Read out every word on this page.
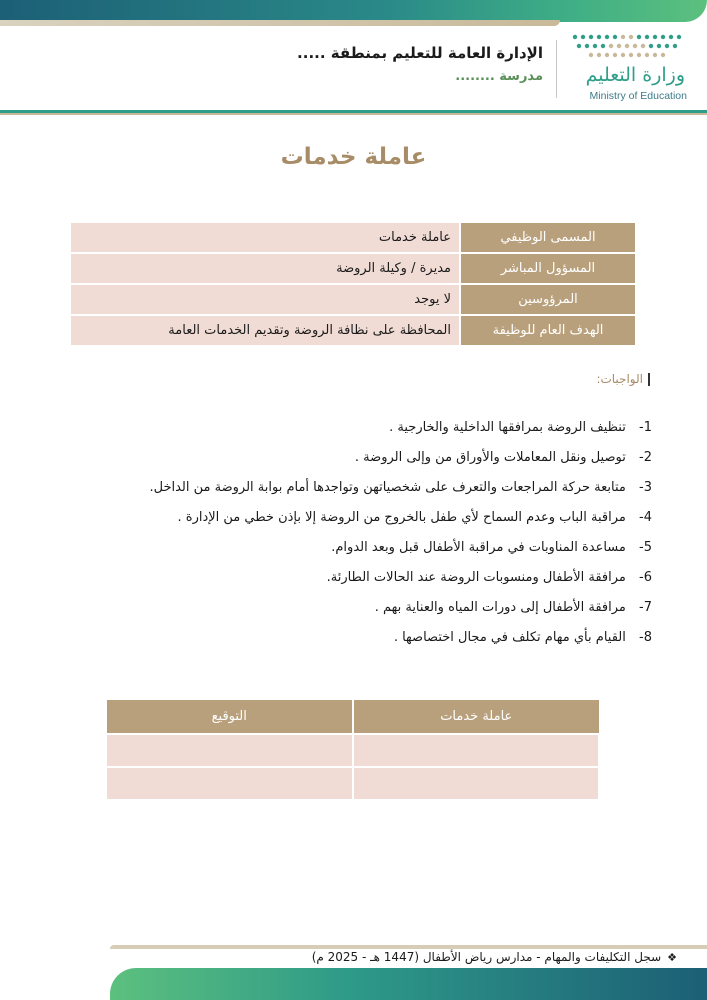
وزارة التعليم
Ministry of Education
الإدارة العامة للتعليم بمنطقة .....
مدرسة ........
عاملة خدمات
المسمى الوظيفي	عاملة خدمات
المسؤول المباشر	مديرة / وكيلة الروضة
المرؤوسين	لا يوجد
الهدف العام للوظيفة	المحافظة على نظافة الروضة وتقديم الخدمات العامة
الواجبات:
1- تنظيف الروضة بمرافقها الداخلية والخارجية .
2- توصيل ونقل المعاملات والأوراق من وإلى الروضة .
3- متابعة حركة المراجعات والتعرف على شخصياتهن وتواجدها أمام بوابة الروضة من الداخل.
4- مراقبة الباب وعدم السماح لأي طفل بالخروج من الروضة إلا بإذن خطي من الإدارة .
5- مساعدة المناوبات في مراقبة الأطفال قبل وبعد الدوام.
6- مرافقة الأطفال ومنسوبات الروضة عند الحالات الطارئة.
7- مرافقة الأطفال إلى دورات المياه والعناية بهم .
8- القيام بأي مهام تكلف في مجال اختصاصها .
عاملة خدمات	التوقيع

❖سجل التكليفات والمهام - مدارس رياض الأطفال (1447 هـ - 2025 م)
